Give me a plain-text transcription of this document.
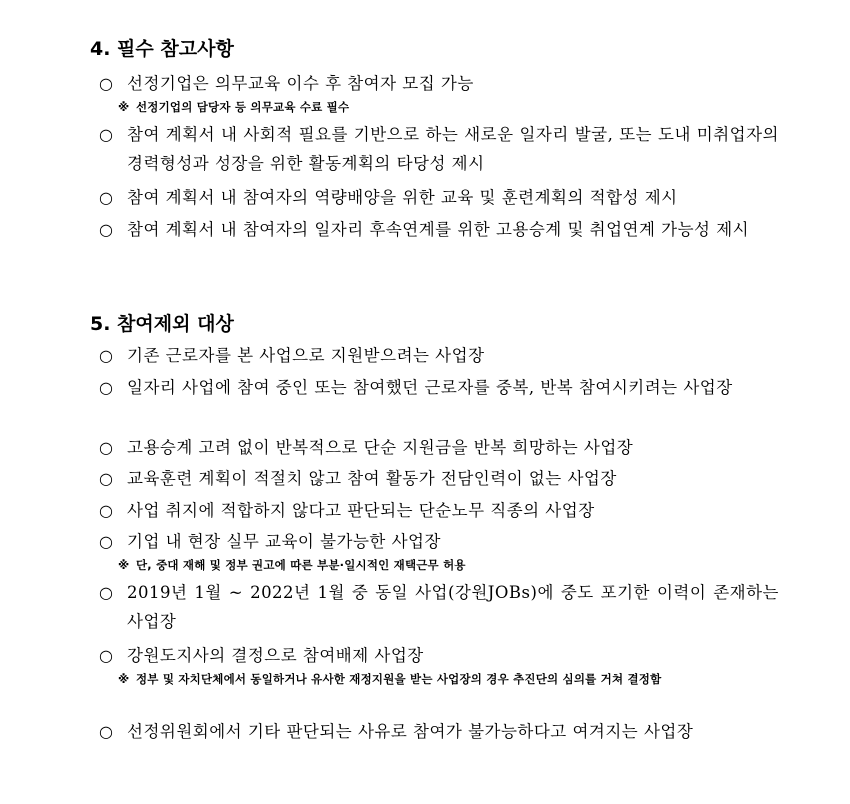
4. 필수 참고사항
○ 선정기업은 의무교육 이수 후 참여자 모집 가능
※ 선정기업의 담당자 등 의무교육 수료 필수
○ 참여 계획서 내 사회적 필요를 기반으로 하는 새로운 일자리 발굴, 또는 도내 미취업자의 경력형성과 성장을 위한 활동계획의 타당성 제시
○ 참여 계획서 내 참여자의 역량배양을 위한 교육 및 훈련계획의 적합성 제시
○ 참여 계획서 내 참여자의 일자리 후속연계를 위한 고용승계 및 취업연계 가능성 제시
5. 참여제외 대상
○ 기존 근로자를 본 사업으로 지원받으려는 사업장
○ 일자리 사업에 참여 중인 또는 참여했던 근로자를 중복, 반복 참여시키려는 사업장
○ 고용승계 고려 없이 반복적으로 단순 지원금을 반복 희망하는 사업장
○ 교육훈련 계획이 적절치 않고 참여 활동가 전담인력이 없는 사업장
○ 사업 취지에 적합하지 않다고 판단되는 단순노무 직종의 사업장
○ 기업 내 현장 실무 교육이 불가능한 사업장
※ 단, 중대 재해 및 정부 권고에 따른 부분·일시적인 재택근무 허용
○ 2019년 1월 ~ 2022년 1월 중 동일 사업(강원JOBs)에 중도 포기한 이력이 존재하는 사업장
○ 강원도지사의 결정으로 참여배제 사업장
※ 정부 및 자치단체에서 동일하거나 유사한 재정지원을 받는 사업장의 경우 추진단의 심의를 거쳐 결정함
○ 선정위원회에서 기타 판단되는 사유로 참여가 불가능하다고 여겨지는 사업장
